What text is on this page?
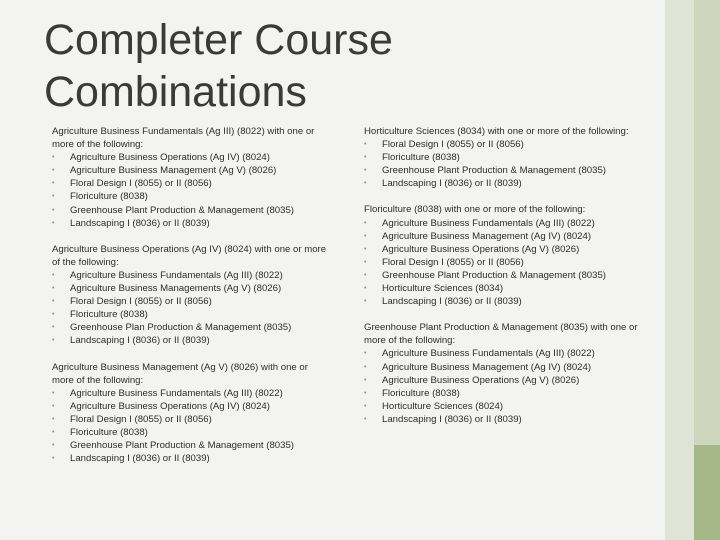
Completer Course Combinations

Agriculture Business Fundamentals (Ag III) (8022) with one or more of the following:

•	Agriculture Business Operations (Ag IV) (8024)
•	Agriculture Business Management (Ag V) (8026)
•	Floral Design I (8055) or II (8056)
•	Floriculture (8038)
•	Greenhouse Plant Production & Management (8035)
•	Landscaping I (8036) or II (8039)

Agriculture Business Operations (Ag IV) (8024) with one or more of the following:

•	Agriculture Business Fundamentals (Ag III) (8022)
•	Agriculture Business Managements (Ag V) (8026)
•	Floral Design I (8055) or II (8056)
•	Floriculture (8038)
•	Greenhouse Plan Production & Management (8035)
•	Landscaping I (8036) or II (8039)

Agriculture Business Management (Ag V) (8026) with one or more of the following:

•	Agriculture Business Fundamentals (Ag III) (8022)
•	Agriculture Business Operations (Ag IV) (8024)
•	Floral Design I (8055) or II (8056)
•	Floriculture (8038)
•	Greenhouse Plant Production & Management (8035)
•	Landscaping I (8036) or II (8039)

Horticulture Sciences (8034) with one or more of the following:

•	Floral Design I (8055) or II (8056)
•	Floriculture (8038)
•	Greenhouse Plant Production & Management (8035)
•	Landscaping I (8036) or II (8039)

Floriculture (8038) with one or more of the following:

•	Agriculture Business Fundamentals (Ag III) (8022)
•	Agriculture Business Management (Ag IV) (8024)
•	Agriculture Business Operations (Ag V) (8026)
•	Floral Design I (8055) or II (8056)
•	Greenhouse Plant Production & Management (8035)
•	Horticulture Sciences (8034)
•	Landscaping I (8036) or II (8039)

Greenhouse Plant Production & Management (8035) with one or more of the following:

•	Agriculture Business Fundamentals (Ag III) (8022)
•	Agriculture Business Management (Ag IV) (8024)
•	Agriculture Business Operations (Ag V) (8026)
•	Floriculture (8038)
•	Horticulture Sciences (8024)
•	Landscaping I (8036) or II (8039)
